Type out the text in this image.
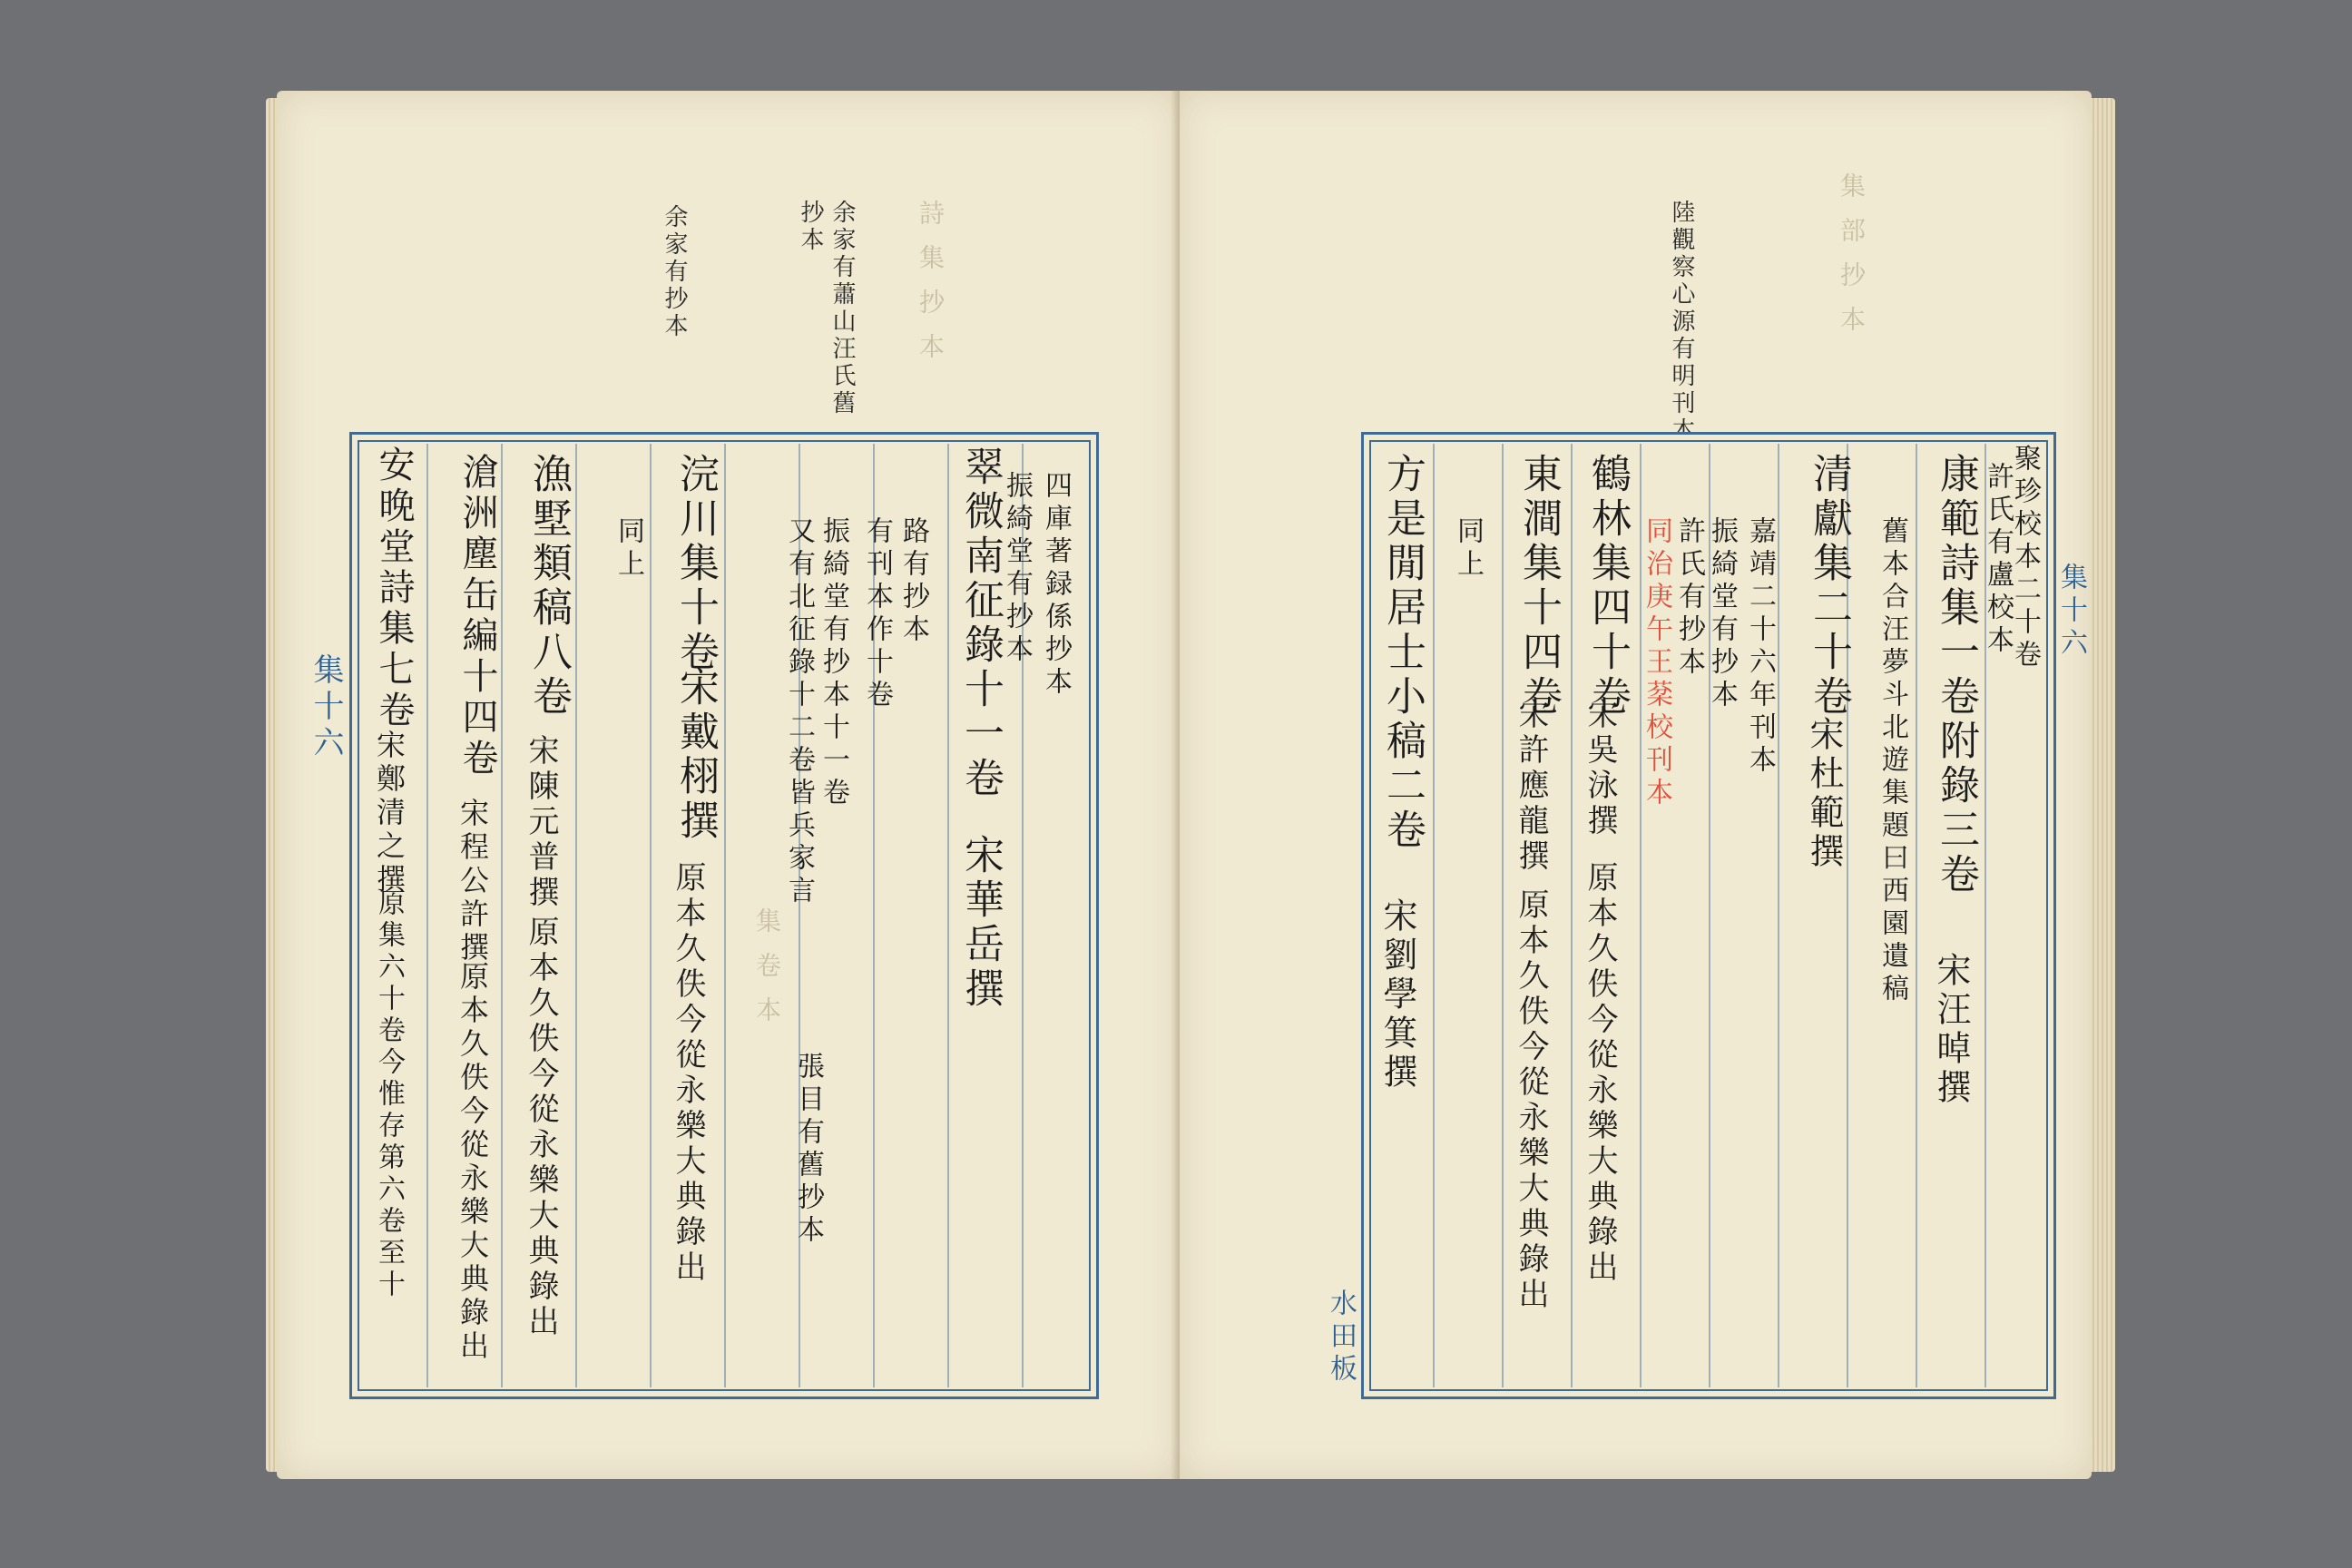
詩 集 抄 本
集 卷 本
余家有蕭山汪氏舊
抄本
余家有抄本
翠微南征錄十一卷
宋華岳撰
四庫著録係抄本
振綺堂有抄本
路有抄本
有刊本作十卷
振綺堂有抄本十一卷
又有北征錄十二卷皆兵家言
張目有舊抄本
浣川集十卷
宋戴栩撰
原本久佚今從永樂大典錄出
同上
漁墅類稿八卷
宋陳元普撰
原本久佚今從永樂大典錄出
滄洲塵缶編十四卷
宋程公許撰
原本久佚今從永樂大典錄出
安晚堂詩集七卷
宋鄭清之撰
原集六十卷今惟存第六卷至十
集十六
集 部 抄 本
陸觀察心源有明刊本
聚珍校本二十卷
許氏有盧校本
康範詩集一卷附錄三卷
宋汪晫撰
舊本合汪夢斗北遊集題曰西園遺稿
清獻集二十卷
宋杜範撰
嘉靖二十六年刊本
振綺堂有抄本
許氏有抄本
同治庚午王棻校刊本
鶴林集四十卷
宋吳泳撰
原本久佚今從永樂大典錄出
東澗集十四卷
宋許應龍撰
原本久佚今從永樂大典錄出
同上
方是閒居士小稿二卷
宋劉學箕撰
水田板
集十六
